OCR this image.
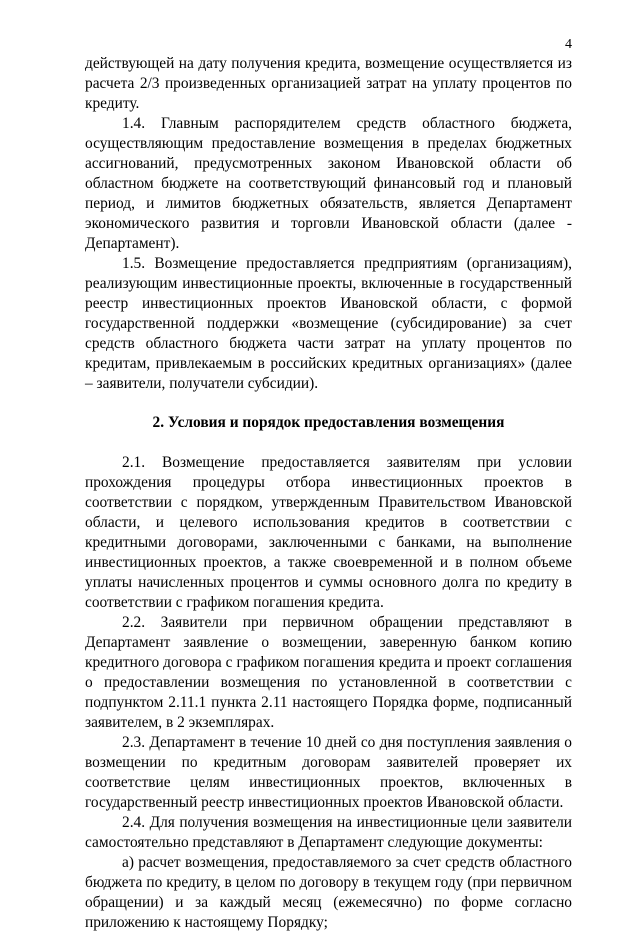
4

действующей на дату получения кредита, возмещение осуществляется из расчета 2/3 произведенных организацией затрат на уплату процентов по кредиту.

1.4. Главным распорядителем средств областного бюджета, осуществляющим предоставление возмещения в пределах бюджетных ассигнований, предусмотренных законом Ивановской области об областном бюджете на соответствующий финансовый год и плановый период, и лимитов бюджетных обязательств, является Департамент экономического развития и торговли Ивановской области (далее - Департамент).

1.5. Возмещение предоставляется предприятиям (организациям), реализующим инвестиционные проекты, включенные в государственный реестр инвестиционных проектов Ивановской области, с формой государственной поддержки «возмещение (субсидирование) за счет средств областного бюджета части затрат на уплату процентов по кредитам, привлекаемым в российских кредитных организациях» (далее – заявители, получатели субсидии).

2. Условия и порядок предоставления возмещения

2.1. Возмещение предоставляется заявителям при условии прохождения процедуры отбора инвестиционных проектов в соответствии с порядком, утвержденным Правительством Ивановской области, и целевого использования кредитов в соответствии с кредитными договорами, заключенными с банками, на выполнение инвестиционных проектов, а также своевременной и в полном объеме уплаты начисленных процентов и суммы основного долга по кредиту в соответствии с графиком погашения кредита.

2.2. Заявители при первичном обращении представляют в Департамент заявление о возмещении, заверенную банком копию кредитного договора с графиком погашения кредита и проект соглашения о предоставлении возмещения по установленной в соответствии с подпунктом 2.11.1 пункта 2.11 настоящего Порядка форме, подписанный заявителем, в 2 экземплярах.

2.3. Департамент в течение 10 дней со дня поступления заявления о возмещении по кредитным договорам заявителей проверяет их соответствие целям инвестиционных проектов, включенных в государственный реестр инвестиционных проектов Ивановской области.

2.4. Для получения возмещения на инвестиционные цели заявители самостоятельно представляют в Департамент следующие документы:

а) расчет возмещения, предоставляемого за счет средств областного бюджета по кредиту, в целом по договору в текущем году (при первичном обращении) и за каждый месяц (ежемесячно) по форме согласно приложению к настоящему Порядку;
